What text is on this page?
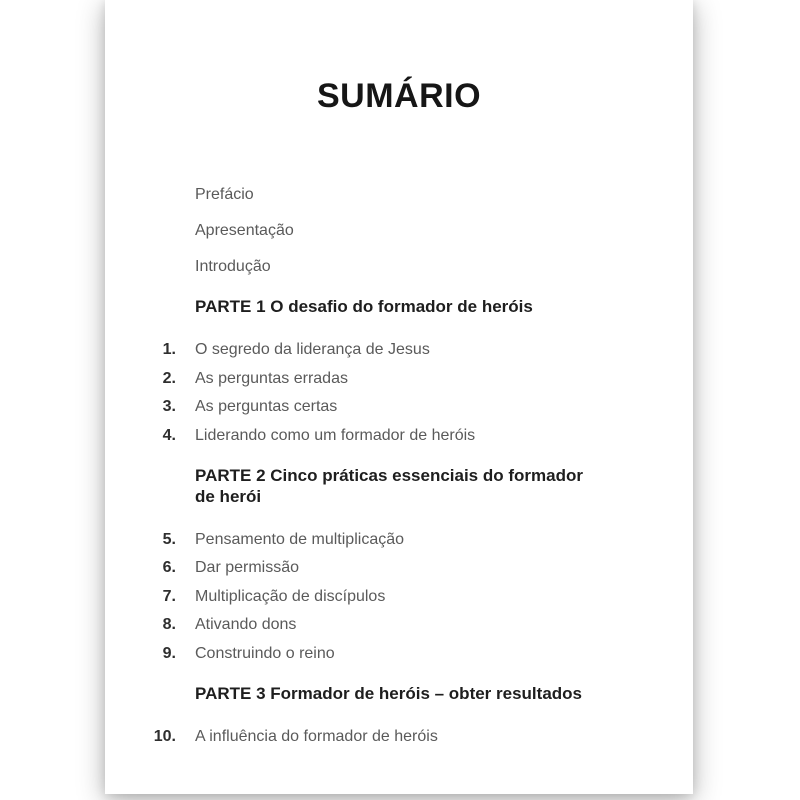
SUMÁRIO
Prefácio
Apresentação
Introdução
PARTE 1 O desafio do formador de heróis
1. O segredo da liderança de Jesus
2. As perguntas erradas
3. As perguntas certas
4. Liderando como um formador de heróis
PARTE 2 Cinco práticas essenciais do formador
de herói
5. Pensamento de multiplicação
6. Dar permissão
7. Multiplicação de discípulos
8. Ativando dons
9. Construindo o reino
PARTE 3 Formador de heróis – obter resultados
10. A influência do formador de heróis
